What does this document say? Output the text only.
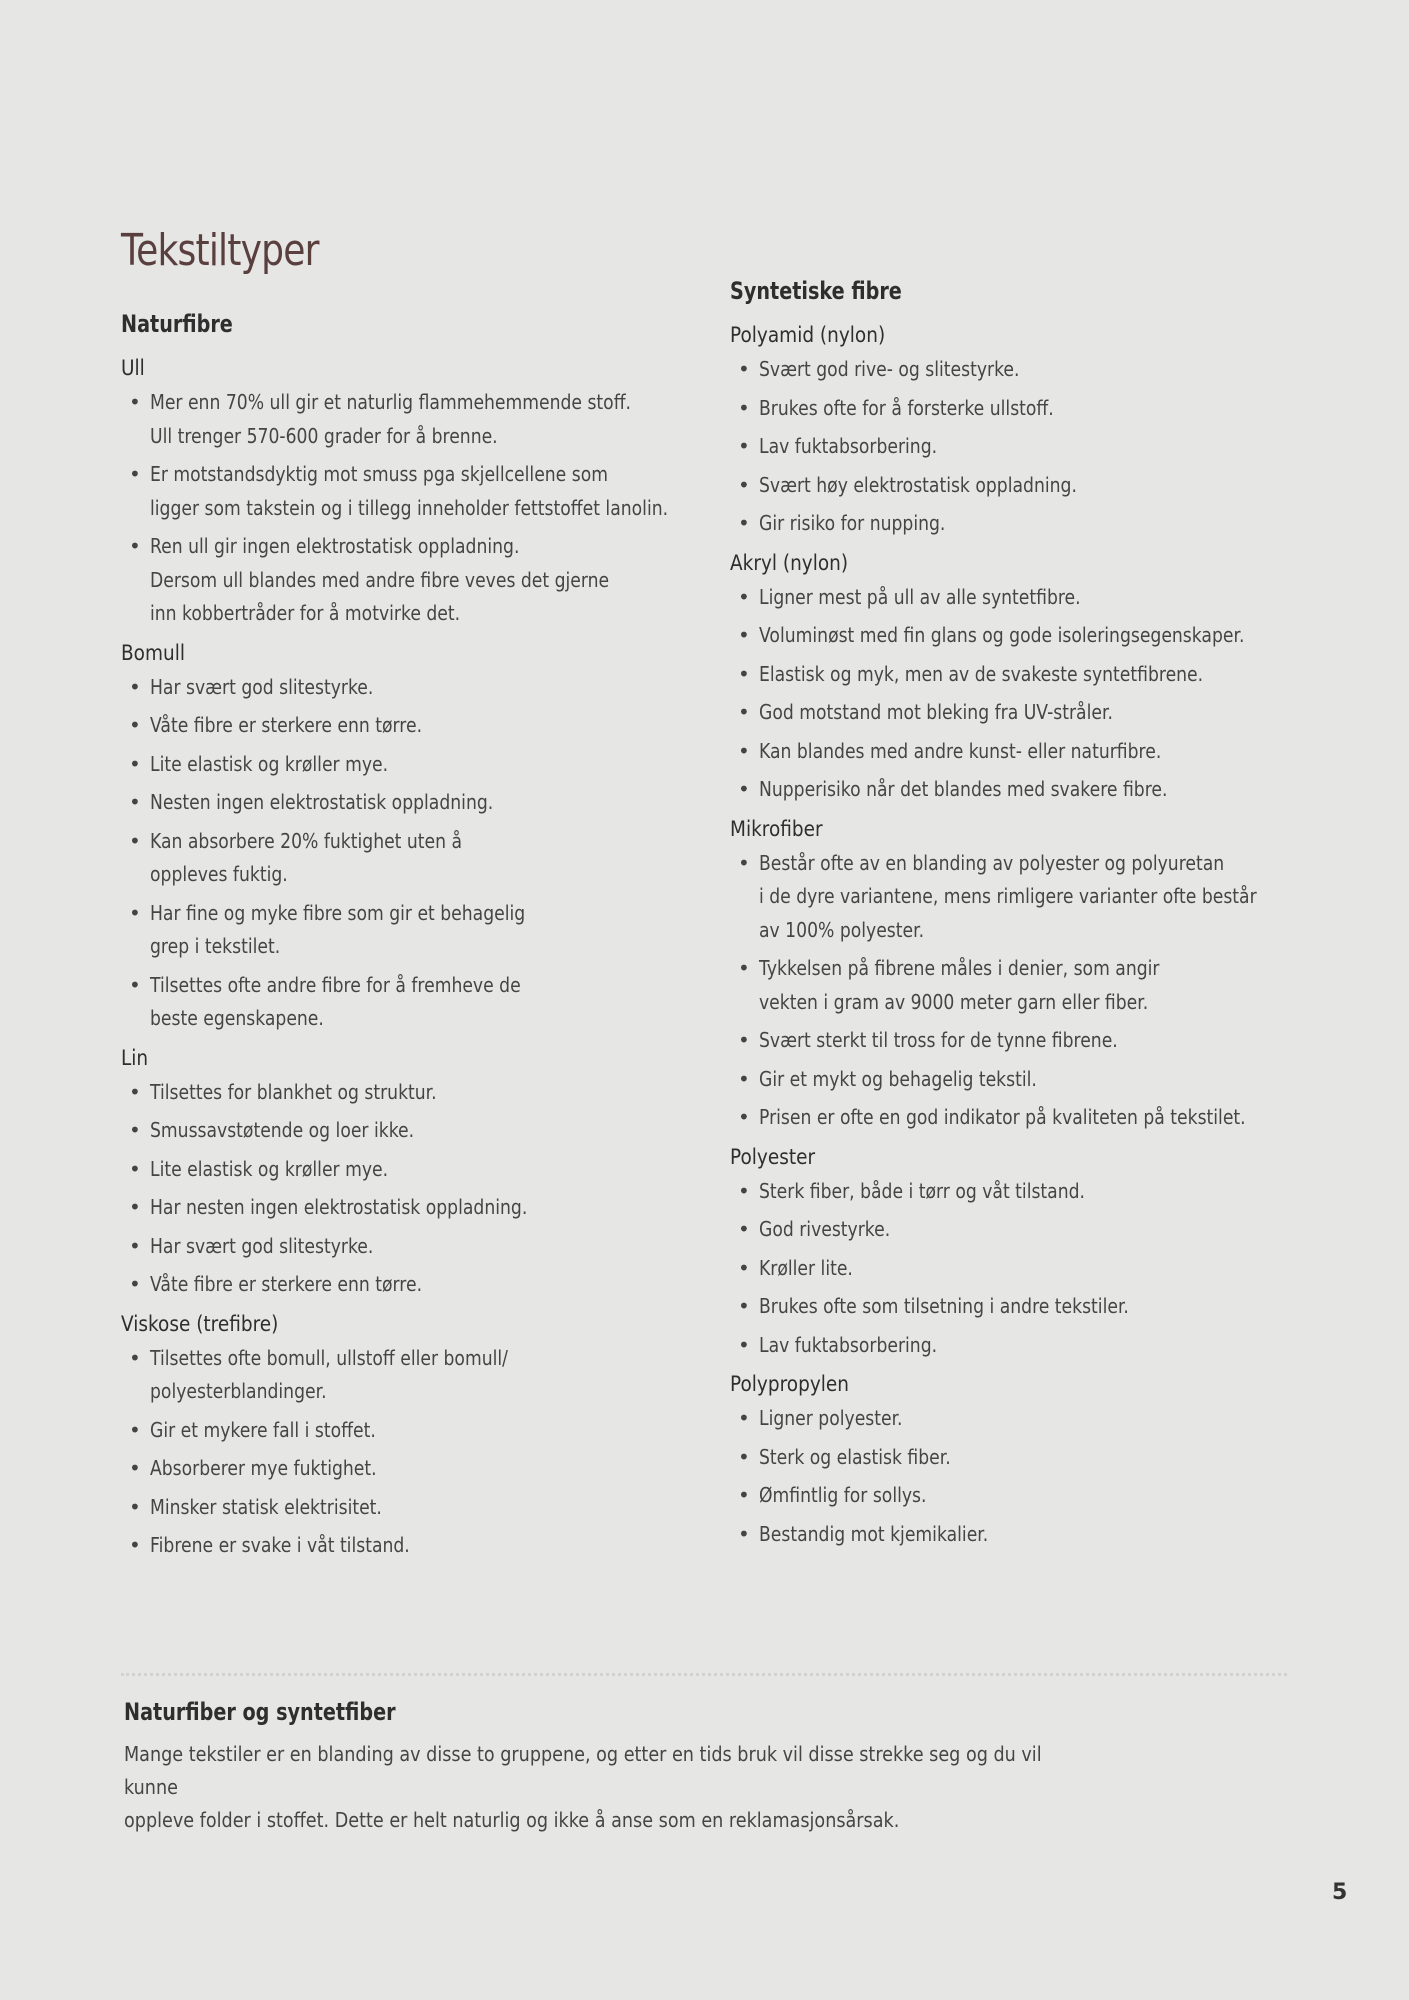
Tekstiltyper
Naturfibre
Ull
• Mer enn 70% ull gir et naturlig flammehemmende stoff.
Ull trenger 570-600 grader for å brenne.
• Er motstandsdyktig mot smuss pga skjellcellene som
ligger som takstein og i tillegg inneholder fettstoffet lanolin.
• Ren ull gir ingen elektrostatisk oppladning.
Dersom ull blandes med andre fibre veves det gjerne
inn kobbertråder for å motvirke det.
Bomull
• Har svært god slitestyrke.
• Våte fibre er sterkere enn tørre.
• Lite elastisk og krøller mye.
• Nesten ingen elektrostatisk oppladning.
• Kan absorbere 20% fuktighet uten å
oppleves fuktig.
• Har fine og myke fibre som gir et behagelig
grep i tekstilet.
• Tilsettes ofte andre fibre for å fremheve de
beste egenskapene.
Lin
• Tilsettes for blankhet og struktur.
• Smussavstøtende og loer ikke.
• Lite elastisk og krøller mye.
• Har nesten ingen elektrostatisk oppladning.
• Har svært god slitestyrke.
• Våte fibre er sterkere enn tørre.
Viskose (trefibre)
• Tilsettes ofte bomull, ullstoff eller bomull/
polyesterblandinger.
• Gir et mykere fall i stoffet.
• Absorberer mye fuktighet.
• Minsker statisk elektrisitet.
• Fibrene er svake i våt tilstand.
Syntetiske fibre
Polyamid (nylon)
• Svært god rive- og slitestyrke.
• Brukes ofte for å forsterke ullstoff.
• Lav fuktabsorbering.
• Svært høy elektrostatisk oppladning.
• Gir risiko for nupping.
Akryl (nylon)
• Ligner mest på ull av alle syntetfibre.
• Voluminøst med fin glans og gode isoleringsegenskaper.
• Elastisk og myk, men av de svakeste syntetfibrene.
• God motstand mot bleking fra UV-stråler.
• Kan blandes med andre kunst- eller naturfibre.
• Nupperisiko når det blandes med svakere fibre.
Mikrofiber
• Består ofte av en blanding av polyester og polyuretan
i de dyre variantene, mens rimligere varianter ofte består
av 100% polyester.
• Tykkelsen på fibrene måles i denier, som angir
vekten i gram av 9000 meter garn eller fiber.
• Svært sterkt til tross for de tynne fibrene.
• Gir et mykt og behagelig tekstil.
• Prisen er ofte en god indikator på kvaliteten på tekstilet.
Polyester
• Sterk fiber, både i tørr og våt tilstand.
• God rivestyrke.
• Krøller lite.
• Brukes ofte som tilsetning i andre tekstiler.
• Lav fuktabsorbering.
Polypropylen
• Ligner polyester.
• Sterk og elastisk fiber.
• Ømfintlig for sollys.
• Bestandig mot kjemikalier.
Naturfiber og syntetfiber
Mange tekstiler er en blanding av disse to gruppene, og etter en tids bruk vil disse strekke seg og du vil kunne
oppleve folder i stoffet. Dette er helt naturlig og ikke å anse som en reklamasjonsårsak.
5
